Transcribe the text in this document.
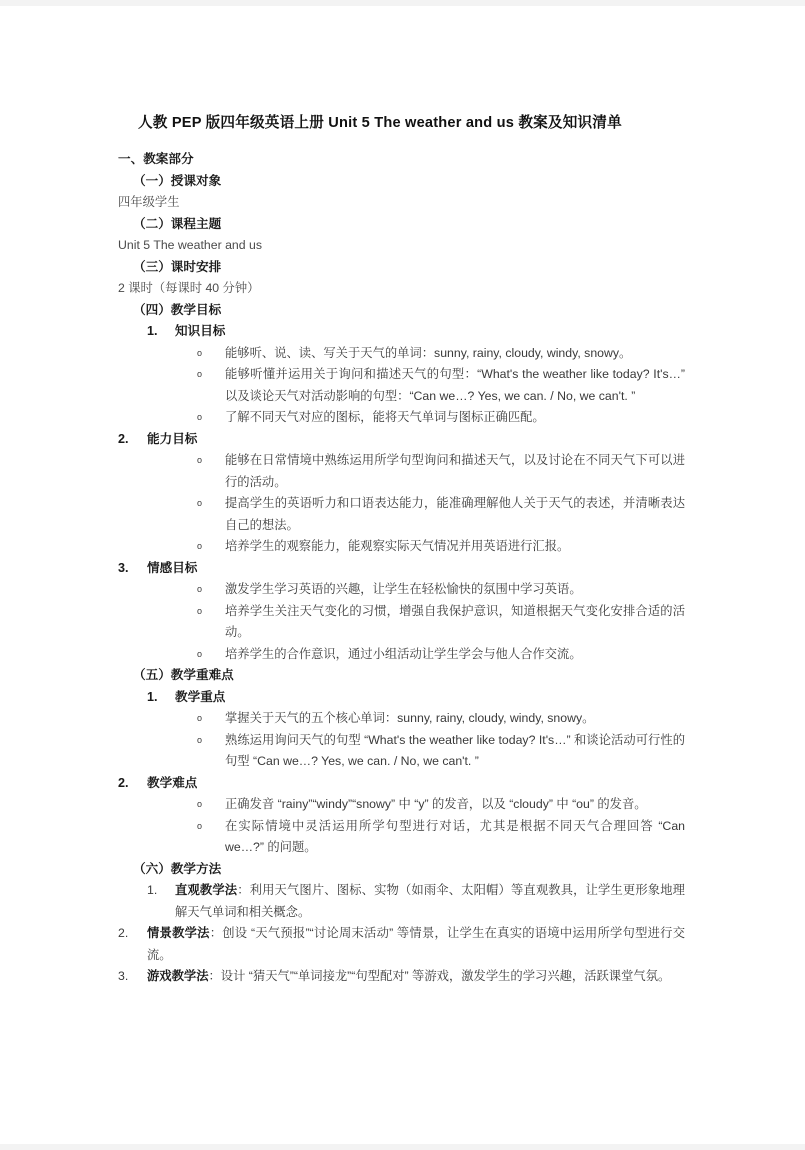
人教 PEP 版四年级英语上册 Unit 5 The weather and us 教案及知识清单
一、教案部分
（一）授课对象
四年级学生
（二）课程主题
Unit 5 The weather and us
（三）课时安排
2 课时（每课时 40 分钟）
（四）教学目标
1. 知识目标
o 能够听、说、读、写关于天气的单词：sunny, rainy, cloudy, windy, snowy。
o 能够听懂并运用关于询问和描述天气的句型：“What's the weather like today? It's…” 以及谈论天气对活动影响的句型：“Can we…? Yes, we can. / No, we can't. ”
o 了解不同天气对应的图标，能将天气单词与图标正确匹配。
2. 能力目标
o 能够在日常情境中熟练运用所学句型询问和描述天气，以及讨论在不同天气下可以进行的活动。
o 提高学生的英语听力和口语表达能力，能准确理解他人关于天气的表述，并清晰表达自己的想法。
o 培养学生的观察能力，能观察实际天气情况并用英语进行汇报。
3. 情感目标
o 激发学生学习英语的兴趣，让学生在轻松愉快的氛围中学习英语。
o 培养学生关注天气变化的习惯，增强自我保护意识，知道根据天气变化安排合适的活动。
o 培养学生的合作意识，通过小组活动让学生学会与他人合作交流。
（五）教学重难点
1. 教学重点
o 掌握关于天气的五个核心单词：sunny, rainy, cloudy, windy, snowy。
o 熟练运用询问天气的句型 “What's the weather like today? It's…” 和谈论活动可行性的句型 “Can we…? Yes, we can. / No, we can't. ”
2. 教学难点
o 正确发音 “rainy”“windy”“snowy” 中 “y” 的发音，以及 “cloudy” 中 “ou” 的发音。
o 在实际情境中灵活运用所学句型进行对话，尤其是根据不同天气合理回答 “Can we…?” 的问题。
（六）教学方法
1. 直观教学法：利用天气图片、图标、实物（如雨伞、太阳帽）等直观教具，让学生更形象地理解天气单词和相关概念。
2. 情景教学法：创设 “天气预报”“讨论周末活动” 等情景，让学生在真实的语境中运用所学句型进行交流。
3. 游戏教学法：设计 “猜天气”“单词接龙”“句型配对” 等游戏，激发学生的学习兴趣，活跃课堂气氛。
